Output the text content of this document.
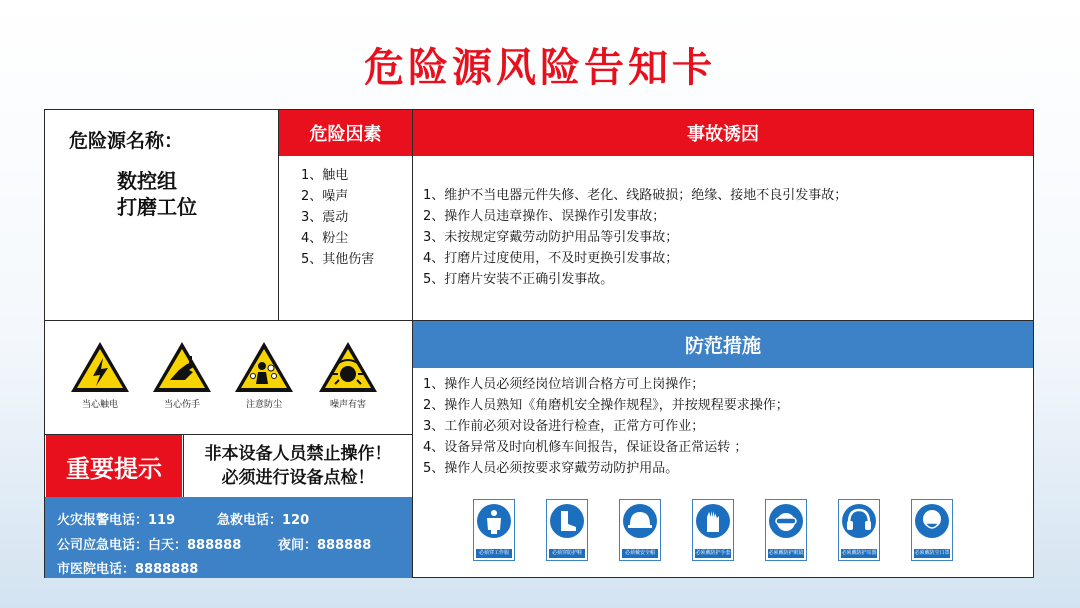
危险源风险告知卡
危险源名称：
数控组
打磨工位
危险因素
1、触电
2、噪声
3、震动
4、粉尘
5、其他伤害
事故诱因
1、维护不当电器元件失修、老化、线路破损；绝缘、接地不良引发事故；
2、操作人员违章操作、误操作引发事故；
3、未按规定穿戴劳动防护用品等引发事故；
4、打磨片过度使用，不及时更换引发事故；
5、打磨片安装不正确引发事故。
当心触电	当心伤手	注意防尘	噪声有害
重要提示
非本设备人员禁止操作！
必须进行设备点检！
火灾报警电话：119	急救电话：120
公司应急电话：白天：888888	夜间：888888
市医院电话：8888888
防范措施
1、操作人员必须经岗位培训合格方可上岗操作；
2、操作人员熟知《角磨机安全操作规程》，并按规程要求操作；
3、工作前必须对设备进行检查，正常方可作业；
4、设备异常及时向机修车间报告，保证设备正常运转 ；
5、操作人员必须按要求穿戴劳动防护用品。
必须穿工作服	必须穿防护鞋	必须戴安全帽	必须戴防护手套	必须戴防护眼镜	必须戴防护耳器	必须戴防尘口罩
